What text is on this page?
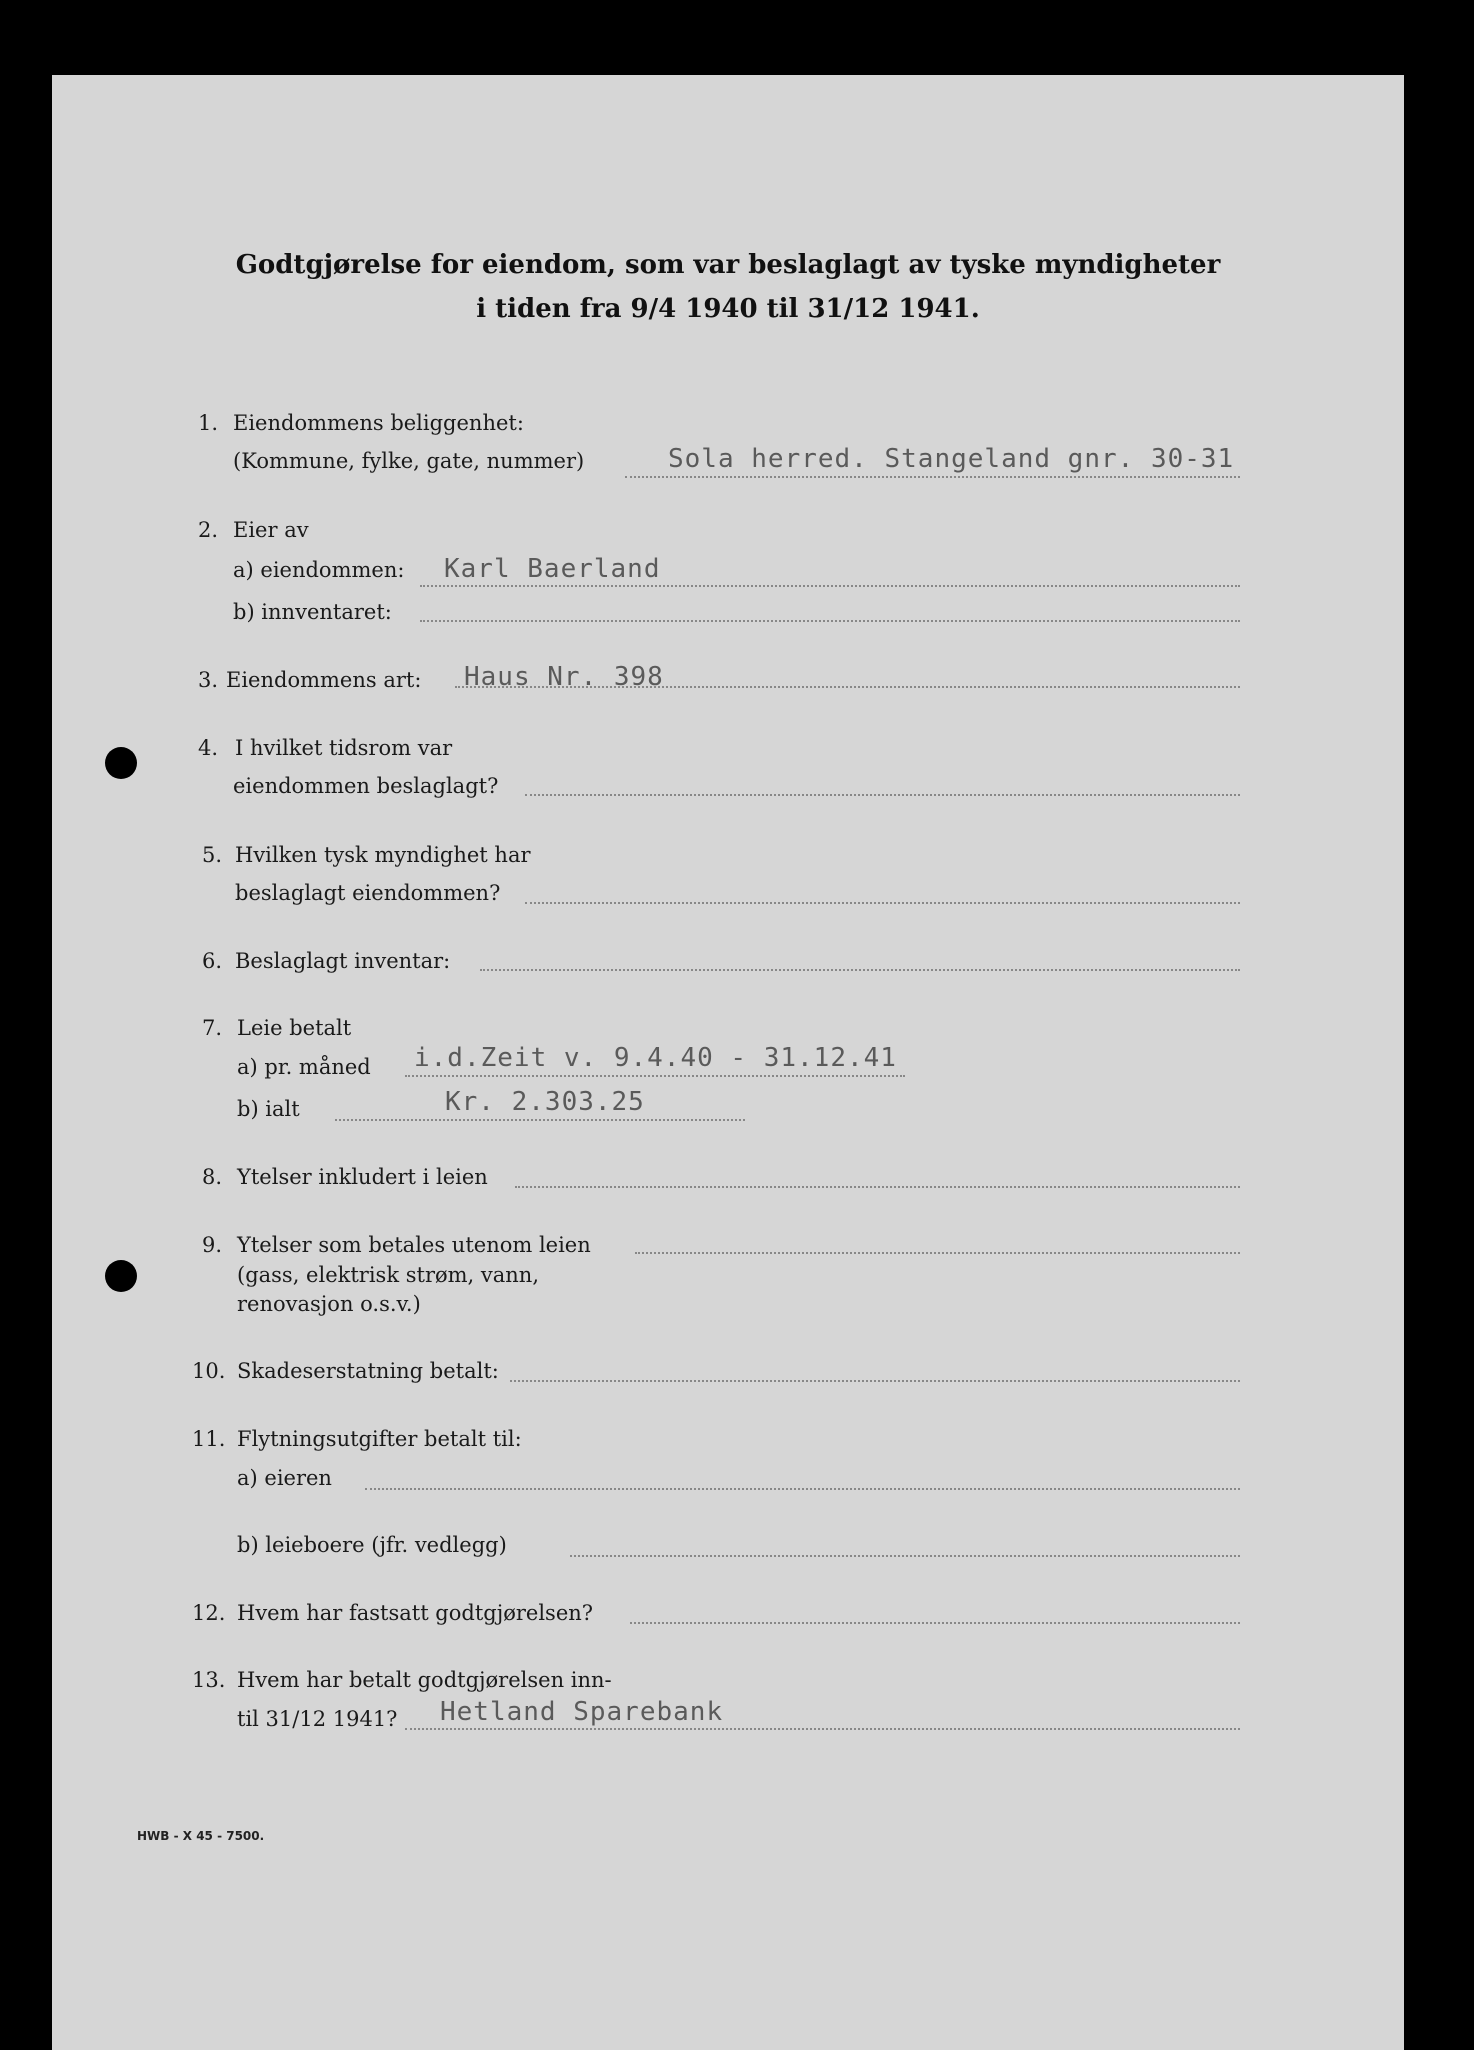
Godtgjørelse for eiendom, som var beslaglagt av tyske myndigheter
i tiden fra 9/4 1940 til 31/12 1941.
1. Eiendommens beliggenhet:
(Kommune, fylke, gate, nummer)	Sola herred. Stangeland gnr. 30-31
2. Eier av
a) eiendommen: Karl Baerland
b) innventaret:
3. Eiendommens art: Haus Nr. 398
4. I hvilket tidsrom var
eiendommen beslaglagt?
5. Hvilken tysk myndighet har
beslaglagt eiendommen?
6. Beslaglagt inventar:
7. Leie betalt
a) pr. måned i.d.Zeit v. 9.4.40 - 31.12.41
b) ialt	Kr. 2.303.25
8. Ytelser inkludert i leien
9. Ytelser som betales utenom leien
(gass, elektrisk strøm, vann,
renovasjon o.s.v.)
10. Skadeserstatning betalt:
11. Flytningsutgifter betalt til:
a) eieren
b) leieboere (jfr. vedlegg)
12. Hvem har fastsatt godtgjørelsen?
13. Hvem har betalt godtgjørelsen inn-
til 31/12 1941? Hetland Sparebank
HWB - X 45 - 7500.
